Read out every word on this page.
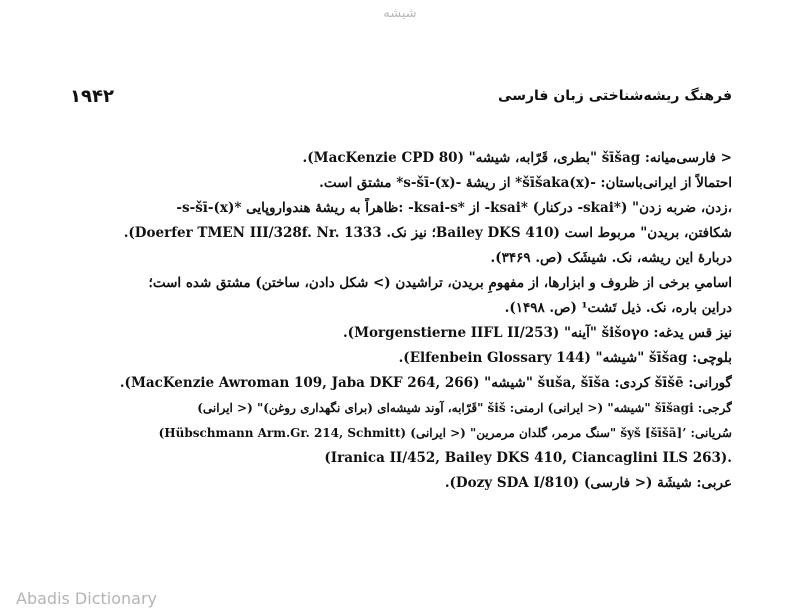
شیشه
۱۹۴۲	فرهنگ ریشه‌شناختی زبان فارسی
< فارسی‌میانه: šīšag "بطری، قَرّابه، شیشه" (MacKenzie CPD 80).
احتمالاً از ایرانی‌باستان: -(x)šīšaka* از ریشهٔ -s-šī-(x)* مشتق است.
-s-šī-(x)* ظاهراً به ریشهٔ هندواروپایی: -ksai-s* از -ksai* (درکنار -skai*) "زدن، ضربه زدن،
شکافتن، بریدن" مربوط است (Bailey DKS 410؛ نیز نک. Doerfer TMEN III/328f. Nr. 1333).
دربارهٔ این ریشه، نک. شیشَک (ص. ۳۴۶۹).
اسامیِ برخی از ظروف و ابزارها، از مفهومِ بریدن، تراشیدن (> شکل دادن، ساختن) مشتق شده است؛
دراین باره، نک. ذیل تَشت¹ (ص. ۱۴۹۸).
نیز قس یدغه: šišoγo "آینه" (Morgenstierne IIFL II/253).
بلوچی: šīšag "شیشه" (Elfenbein Glossary 144).
گورانی: šīšē کردی: šuša, šīša "شیشه" (MacKenzie Awroman 109, Jaba DKF 264, 266).
گرجی: šīšagi "شیشه" (< ایرانی) ارمنی: šiš "قَرّابه، آوند شیشه‌ای (برای نگهداری روغن)" (< ایرانی)
سُریانی: ’šyš [šīšā] "سنگ مرمر، گلدان مرمرین" (< ایرانی) (Hübschmann Arm.Gr. 214, Schmitt)
(Iranica II/452, Bailey DKS 410, Ciancaglini ILS 263).
عربی: شیشَة (< فارسی) (Dozy SDA I/810).
Abadis Dictionary
